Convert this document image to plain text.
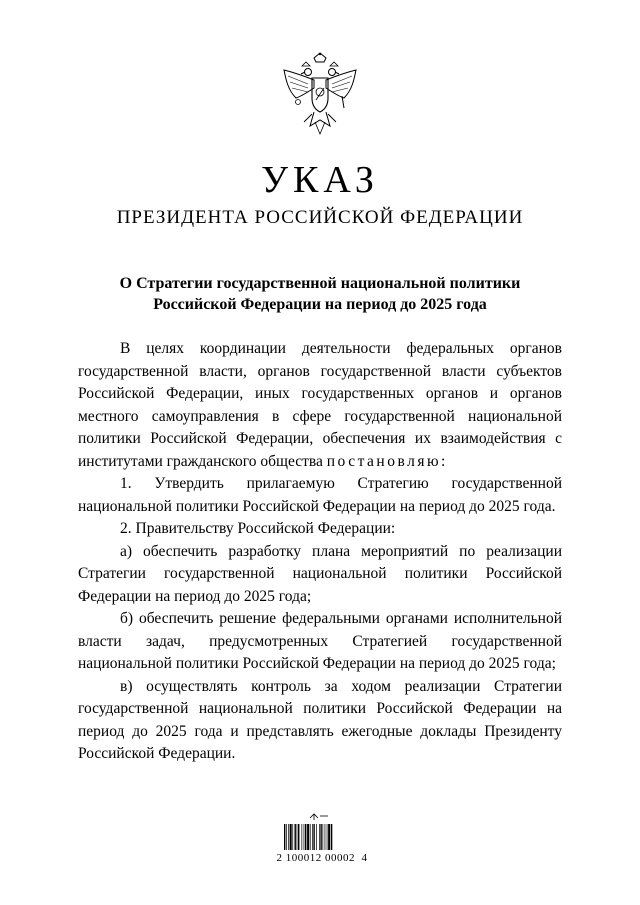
УКАЗ
ПРЕЗИДЕНТА РОССИЙСКОЙ ФЕДЕРАЦИИ
О Стратегии государственной национальной политики
Российской Федерации на период до 2025 года

В целях координации деятельности федеральных органов государственной власти, органов государственной власти субъектов Российской Федерации, иных государственных органов и органов местного самоуправления в сфере государственной национальной политики Российской Федерации, обеспечения их взаимодействия с институтами гражданского общества постановляю:

1. Утвердить прилагаемую Стратегию государственной национальной политики Российской Федерации на период до 2025 года.

2. Правительству Российской Федерации:

а) обеспечить разработку плана мероприятий по реализации Стратегии государственной национальной политики Российской Федерации на период до 2025 года;

б) обеспечить решение федеральными органами исполнительной власти задач, предусмотренных Стратегией государственной национальной политики Российской Федерации на период до 2025 года;

в) осуществлять контроль за ходом реализации Стратегии государственной национальной политики Российской Федерации на период до 2025 года и представлять ежегодные доклады Президенту Российской Федерации.

2 100012 00002  4
